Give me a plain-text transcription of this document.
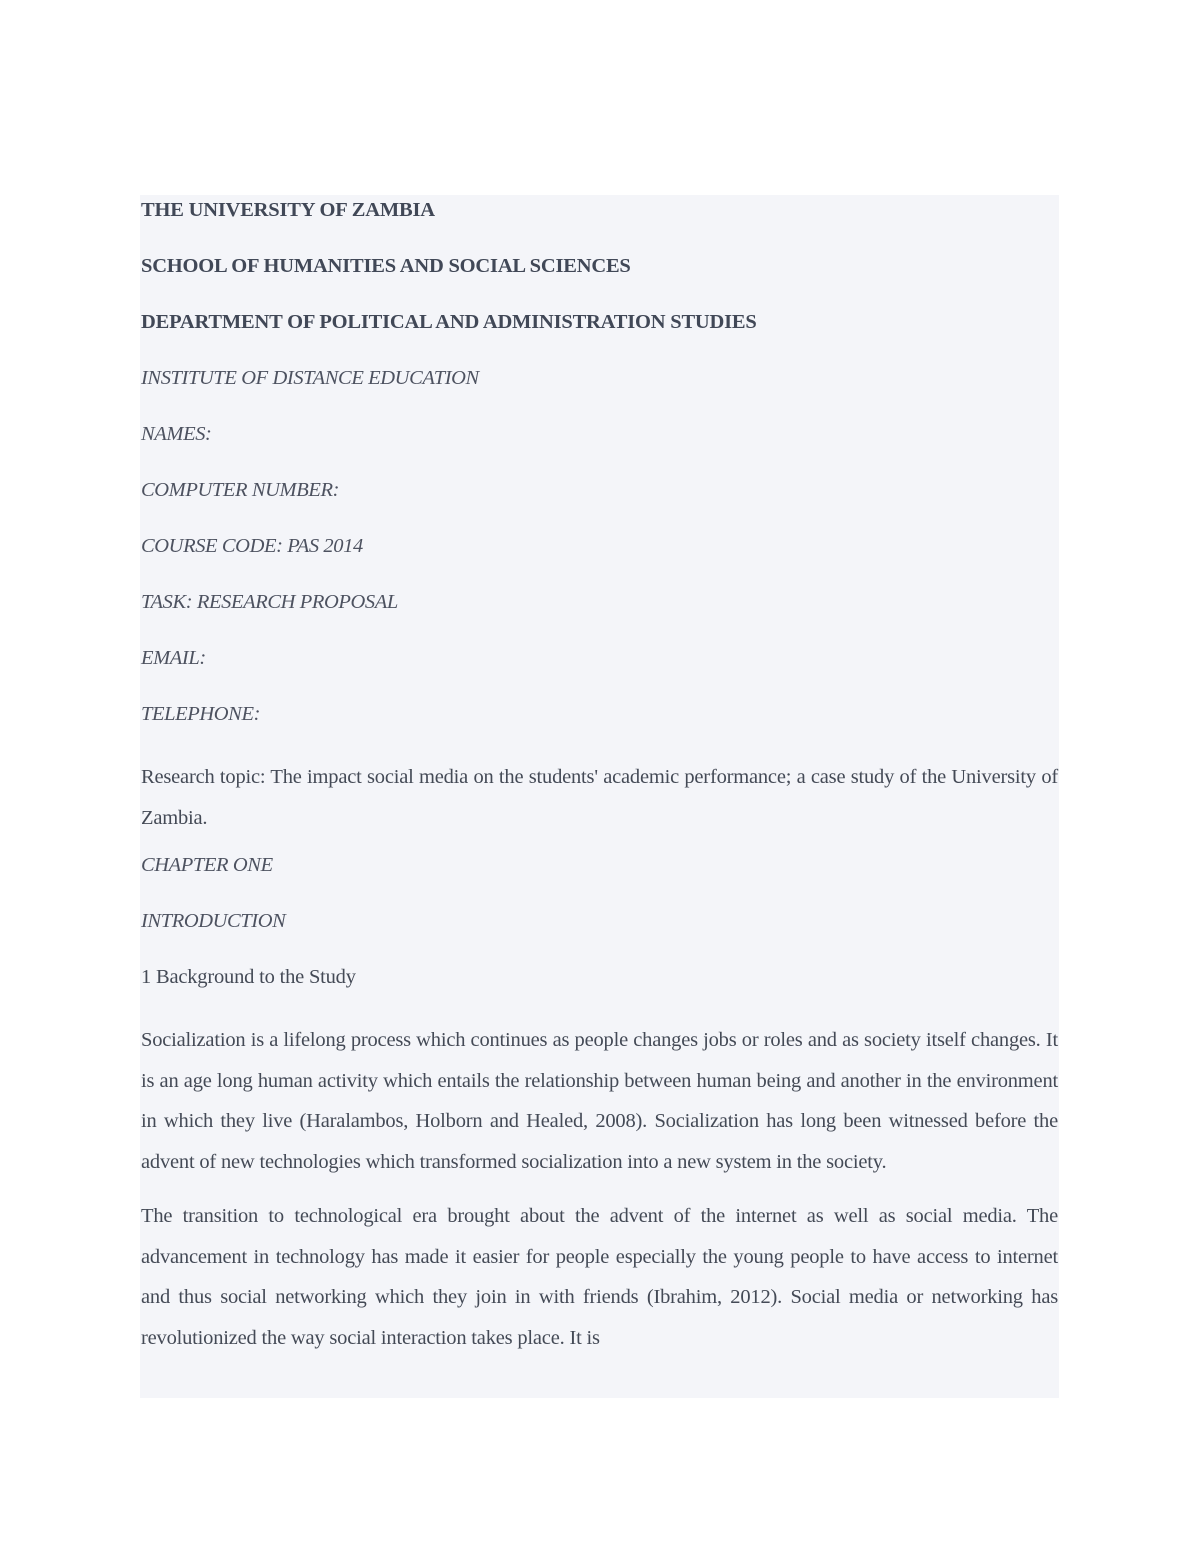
THE UNIVERSITY OF ZAMBIA
SCHOOL OF HUMANITIES AND SOCIAL SCIENCES
DEPARTMENT OF POLITICAL AND ADMINISTRATION STUDIES
INSTITUTE OF DISTANCE EDUCATION
NAMES:
COMPUTER NUMBER:
COURSE CODE: PAS 2014
TASK: RESEARCH PROPOSAL
EMAIL:
TELEPHONE:

Research topic: The impact social media on the students' academic performance; a case study of the University of Zambia.

CHAPTER ONE
INTRODUCTION
1 Background to the Study

Socialization is a lifelong process which continues as people changes jobs or roles and as society itself changes. It is an age long human activity which entails the relationship between human being and another in the environment in which they live (Haralambos, Holborn and Healed, 2008). Socialization has long been witnessed before the advent of new technologies which transformed socialization into a new system in the society.

The transition to technological era brought about the advent of the internet as well as social media. The advancement in technology has made it easier for people especially the young people to have access to internet and thus social networking which they join in with friends (Ibrahim, 2012). Social media or networking has revolutionized the way social interaction takes place. It is
